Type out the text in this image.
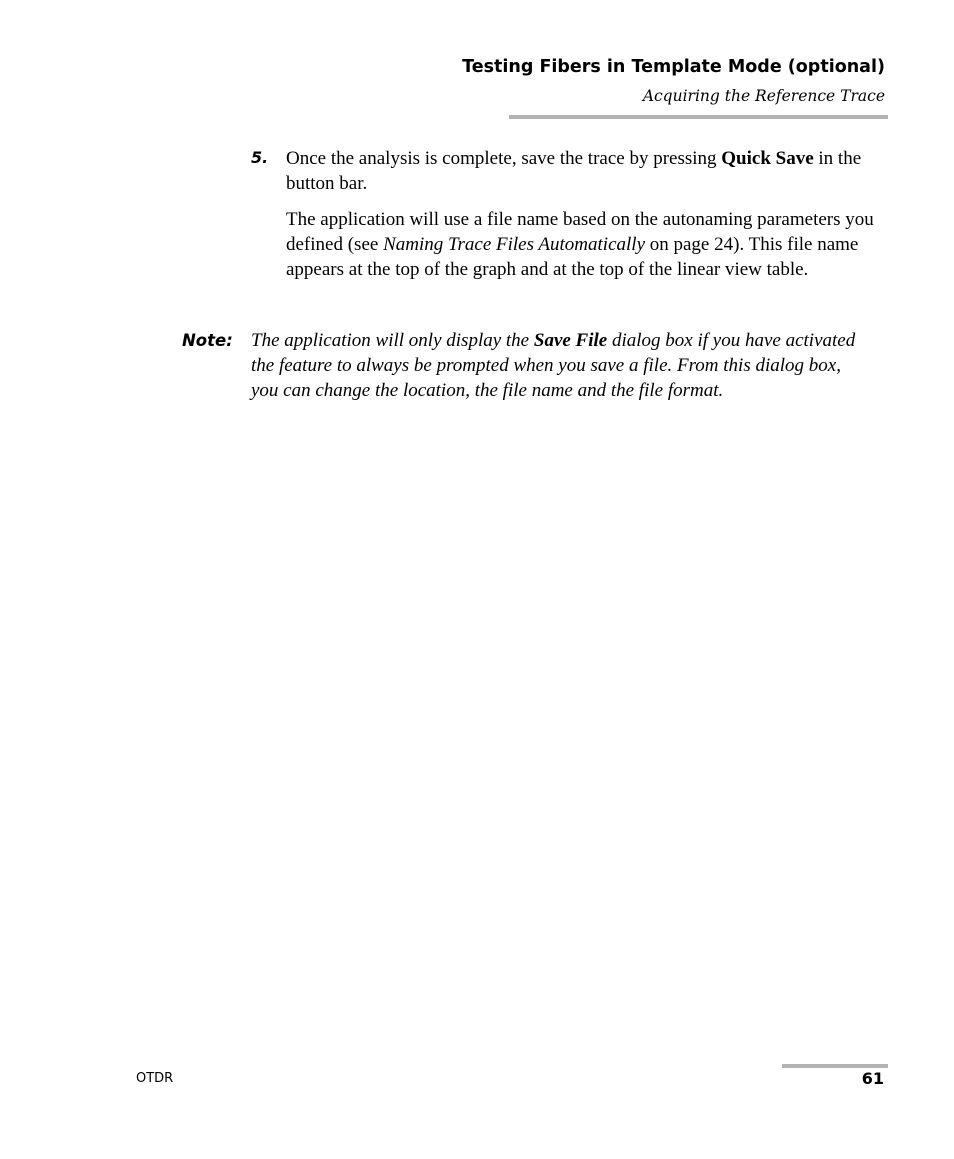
Testing Fibers in Template Mode (optional)
Acquiring the Reference Trace
5. Once the analysis is complete, save the trace by pressing Quick Save in the button bar.

The application will use a file name based on the autonaming parameters you defined (see Naming Trace Files Automatically on page 24). This file name appears at the top of the graph and at the top of the linear view table.

Note: The application will only display the Save File dialog box if you have activated the feature to always be prompted when you save a file. From this dialog box, you can change the location, the file name and the file format.

OTDR	61
